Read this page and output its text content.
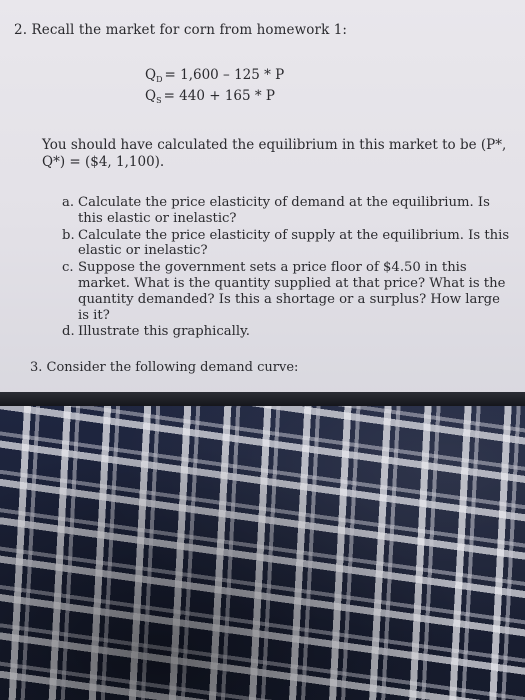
2. Recall the market for corn from homework 1:
$Q_D = 1,600 - 125 * P$
$Q_S = 440 + 165 * P$
You should have calculated the equilibrium in this market to be (P*, Q*) = ($4, 1,100).
a. Calculate the price elasticity of demand at the equilibrium. Is this elastic or inelastic?
b. Calculate the price elasticity of supply at the equilibrium. Is this elastic or inelastic?
c. Suppose the government sets a price floor of $4.50 in this market. What is the quantity supplied at that price? What is the quantity demanded? Is this a shortage or a surplus? How large is it?
d. Illustrate this graphically.
3. Consider the following demand curve:
